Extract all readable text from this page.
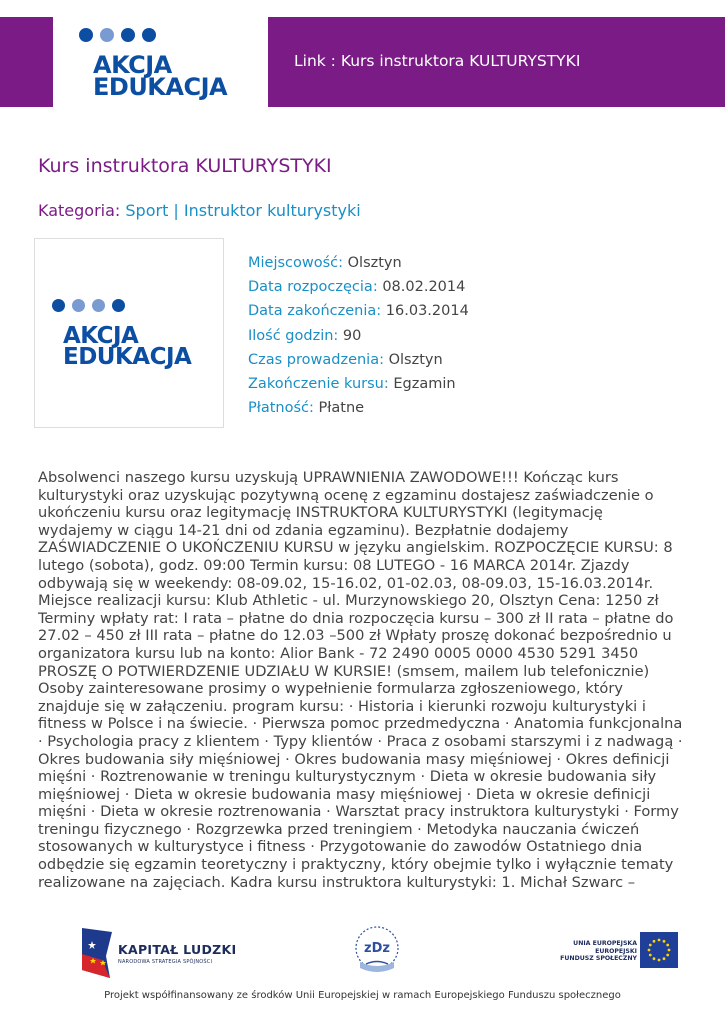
Link : Kurs instruktora KULTURYSTYKI
AKCJA
EDUKACJA
Kurs instruktora KULTURYSTYKI
Kategoria: Sport | Instruktor kulturystyki
AKCJA
EDUKACJA
Miejscowość: Olsztyn
Data rozpoczęcia: 08.02.2014
Data zakończenia: 16.03.2014
Ilość godzin: 90
Czas prowadzenia: Olsztyn
Zakończenie kursu: Egzamin
Płatność: Płatne
Absolwenci naszego kursu uzyskują UPRAWNIENIA ZAWODOWE!!! Kończąc kurs
kulturystyki oraz uzyskując pozytywną ocenę z egzaminu dostajesz zaświadczenie o
ukończeniu kursu oraz legitymację INSTRUKTORA KULTURYSTYKI (legitymację
wydajemy w ciągu 14-21 dni od zdania egzaminu). Bezpłatnie dodajemy
ZAŚWIADCZENIE O UKOŃCZENIU KURSU w języku angielskim. ROZPOCZĘCIE KURSU: 8
lutego (sobota), godz. 09:00 Termin kursu: 08 LUTEGO - 16 MARCA 2014r. Zjazdy
odbywają się w weekendy: 08-09.02, 15-16.02, 01-02.03, 08-09.03, 15-16.03.2014r.
Miejsce realizacji kursu: Klub Athletic - ul. Murzynowskiego 20, Olsztyn Cena: 1250 zł
Terminy wpłaty rat: I rata – płatne do dnia rozpoczęcia kursu – 300 zł II rata – płatne do
27.02 – 450 zł III rata – płatne do 12.03 –500 zł Wpłaty proszę dokonać bezpośrednio u
organizatora kursu lub na konto: Alior Bank - 72 2490 0005 0000 4530 5291 3450
PROSZĘ O POTWIERDZENIE UDZIAŁU W KURSIE! (smsem, mailem lub telefonicznie)
Osoby zainteresowane prosimy o wypełnienie formularza zgłoszeniowego, który
znajduje się w załączeniu. program kursu: · Historia i kierunki rozwoju kulturystyki i
fitness w Polsce i na świecie. · Pierwsza pomoc przedmedyczna · Anatomia funkcjonalna
· Psychologia pracy z klientem · Typy klientów · Praca z osobami starszymi i z nadwagą ·
Okres budowania siły mięśniowej · Okres budowania masy mięśniowej · Okres definicji
mięśni · Roztrenowanie w treningu kulturystycznym · Dieta w okresie budowania siły
mięśniowej · Dieta w okresie budowania masy mięśniowej · Dieta w okresie definicji
mięśni · Dieta w okresie roztrenowania · Warsztat pracy instruktora kulturystyki · Formy
treningu fizycznego · Rozgrzewka przed treningiem · Metodyka nauczania ćwiczeń
stosowanych w kulturystyce i fitness · Przygotowanie do zawodów Ostatniego dnia
odbędzie się egzamin teoretyczny i praktyczny, który obejmie tylko i wyłącznie tematy
realizowane na zajęciach. Kadra kursu instruktora kulturystyki: 1. Michał Szwarc –
KAPITAŁ LUDZKI
NARODOWA STRATEGIA SPÓJNOŚCI
zDz	UNIA EUROPEJSKA
EUROPEJSKI
FUNDUSZ SPOŁECZNY
Projekt współfinansowany ze środków Unii Europejskiej w ramach Europejskiego Funduszu społecznego
